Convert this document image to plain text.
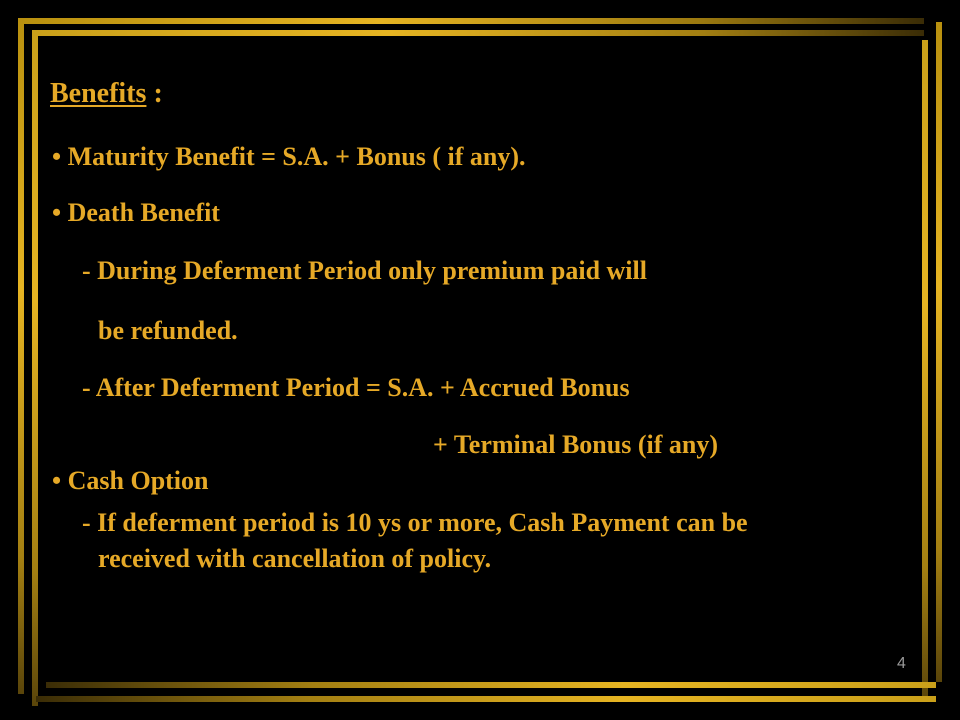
Benefits :
• Maturity Benefit = S.A. + Bonus ( if any).
• Death Benefit
- During Deferment Period only premium paid will
be refunded.
- After Deferment Period = S.A. + Accrued Bonus
+ Terminal Bonus (if any)
• Cash Option
- If deferment period is 10 ys or more, Cash Payment can be
received with cancellation of policy.
4
